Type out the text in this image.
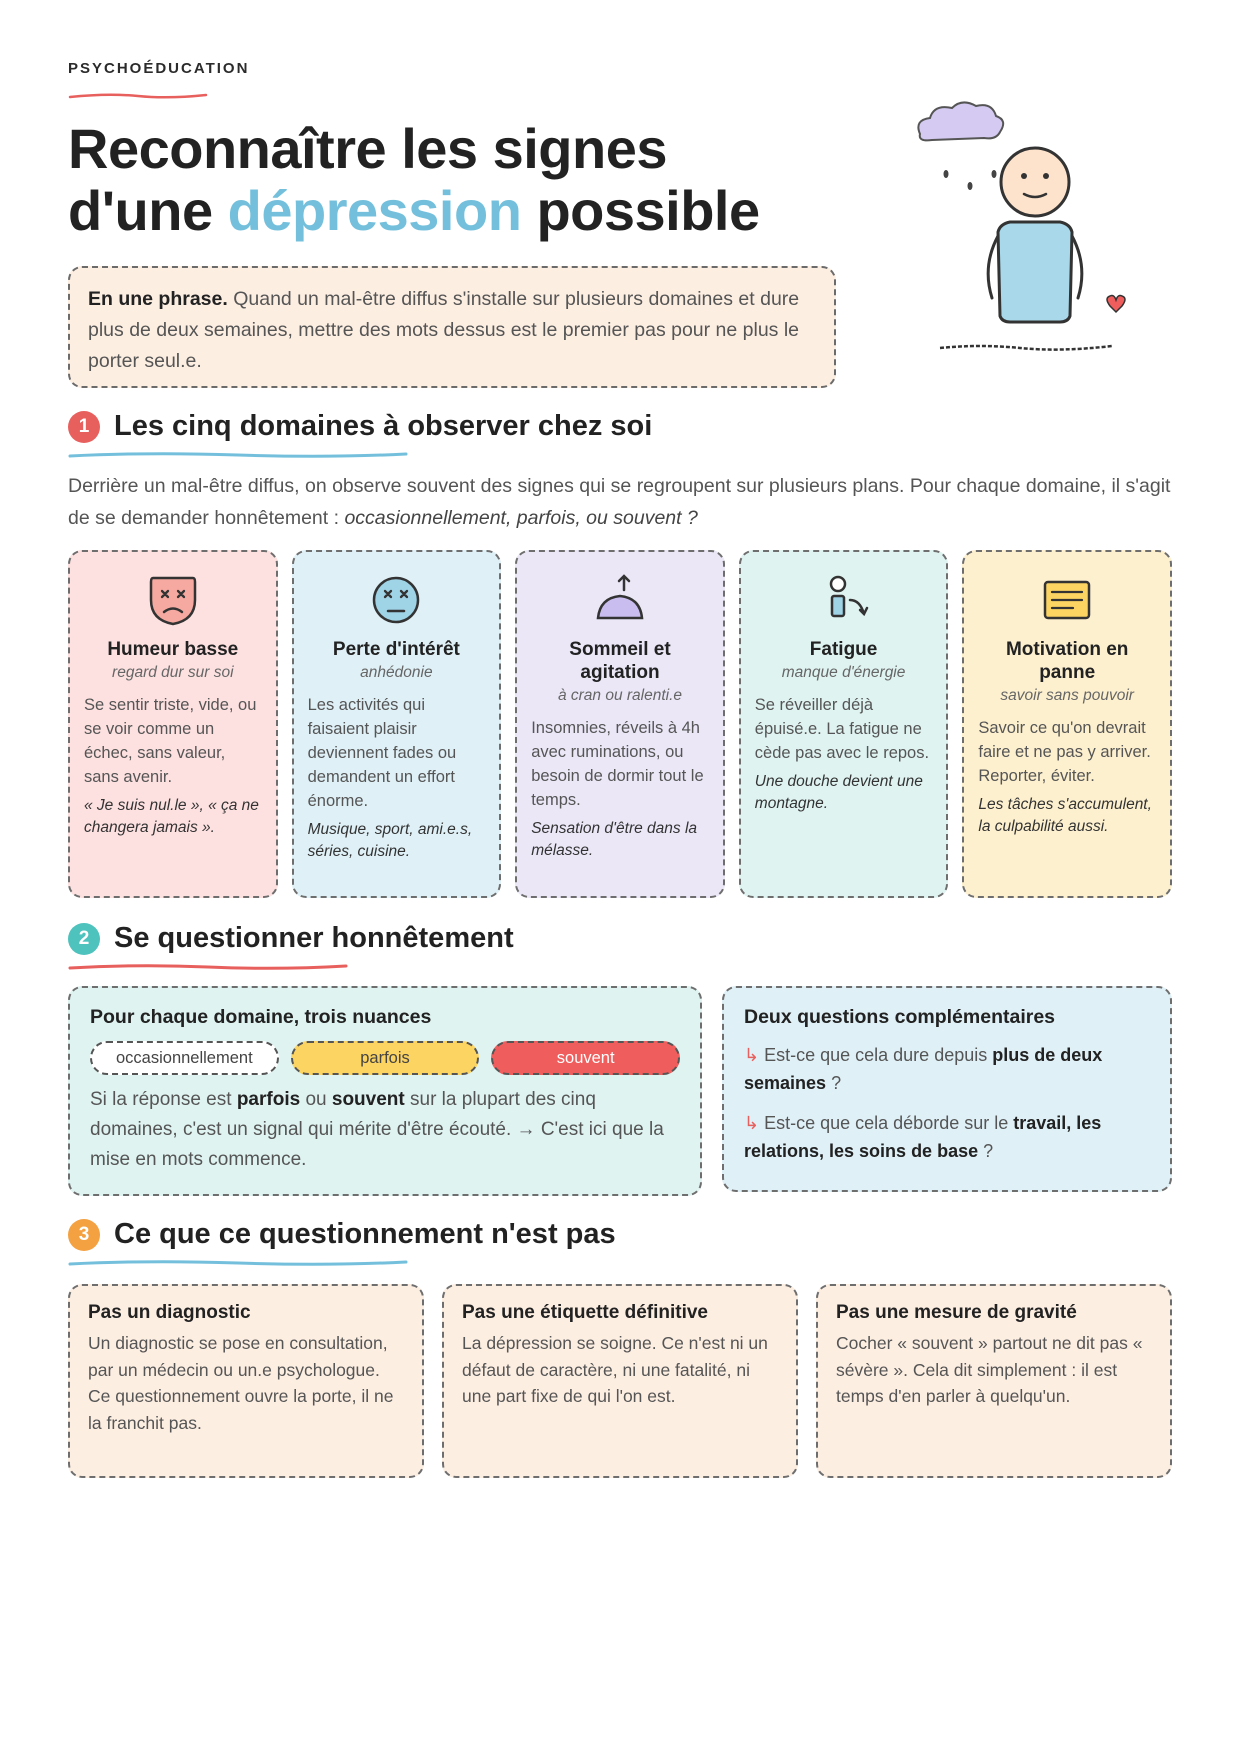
PSYCHOÉDUCATION
Reconnaître les signes
d'une dépression possible
En une phrase. Quand un mal-être diffus s'installe sur plusieurs domaines et dure plus de deux semaines, mettre des mots dessus est le premier pas pour ne plus le porter seul.e.
1 Les cinq domaines à observer chez soi
Derrière un mal-être diffus, on observe souvent des signes qui se regroupent sur plusieurs plans. Pour chaque domaine, il s'agit de se demander honnêtement : occasionnellement, parfois, ou souvent ?
Humeur basse
regard dur sur soi
Se sentir triste, vide, ou se voir comme un échec, sans valeur, sans avenir.
« Je suis nul.le », « ça ne changera jamais ».
Perte d'intérêt
anhédonie
Les activités qui faisaient plaisir deviennent fades ou demandent un effort énorme.
Musique, sport, ami.e.s, séries, cuisine.
Sommeil et agitation
à cran ou ralenti.e
Insomnies, réveils à 4h avec ruminations, ou besoin de dormir tout le temps.
Sensation d'être dans la mélasse.
Fatigue
manque d'énergie
Se réveiller déjà épuisé.e. La fatigue ne cède pas avec le repos.
Une douche devient une montagne.
Motivation en panne
savoir sans pouvoir
Savoir ce qu'on devrait faire et ne pas y arriver. Reporter, éviter.
Les tâches s'accumulent, la culpabilité aussi.
2 Se questionner honnêtement
Pour chaque domaine, trois nuances
occasionnellement	parfois	souvent
Si la réponse est parfois ou souvent sur la plupart des cinq domaines, c'est un signal qui mérite d'être écouté. → C'est ici que la mise en mots commence.
Deux questions complémentaires
↳ Est-ce que cela dure depuis plus de deux semaines ?
↳ Est-ce que cela déborde sur le travail, les relations, les soins de base ?
3 Ce que ce questionnement n'est pas
Pas un diagnostic

Un diagnostic se pose en consultation, par un médecin ou un.e psychologue. Ce questionnement ouvre la porte, il ne la franchit pas.

Pas une étiquette définitive

La dépression se soigne. Ce n'est ni un défaut de caractère, ni une fatalité, ni une part fixe de qui l'on est.

Pas une mesure de gravité

Cocher « souvent » partout ne dit pas « sévère ». Cela dit simplement : il est temps d'en parler à quelqu'un.
